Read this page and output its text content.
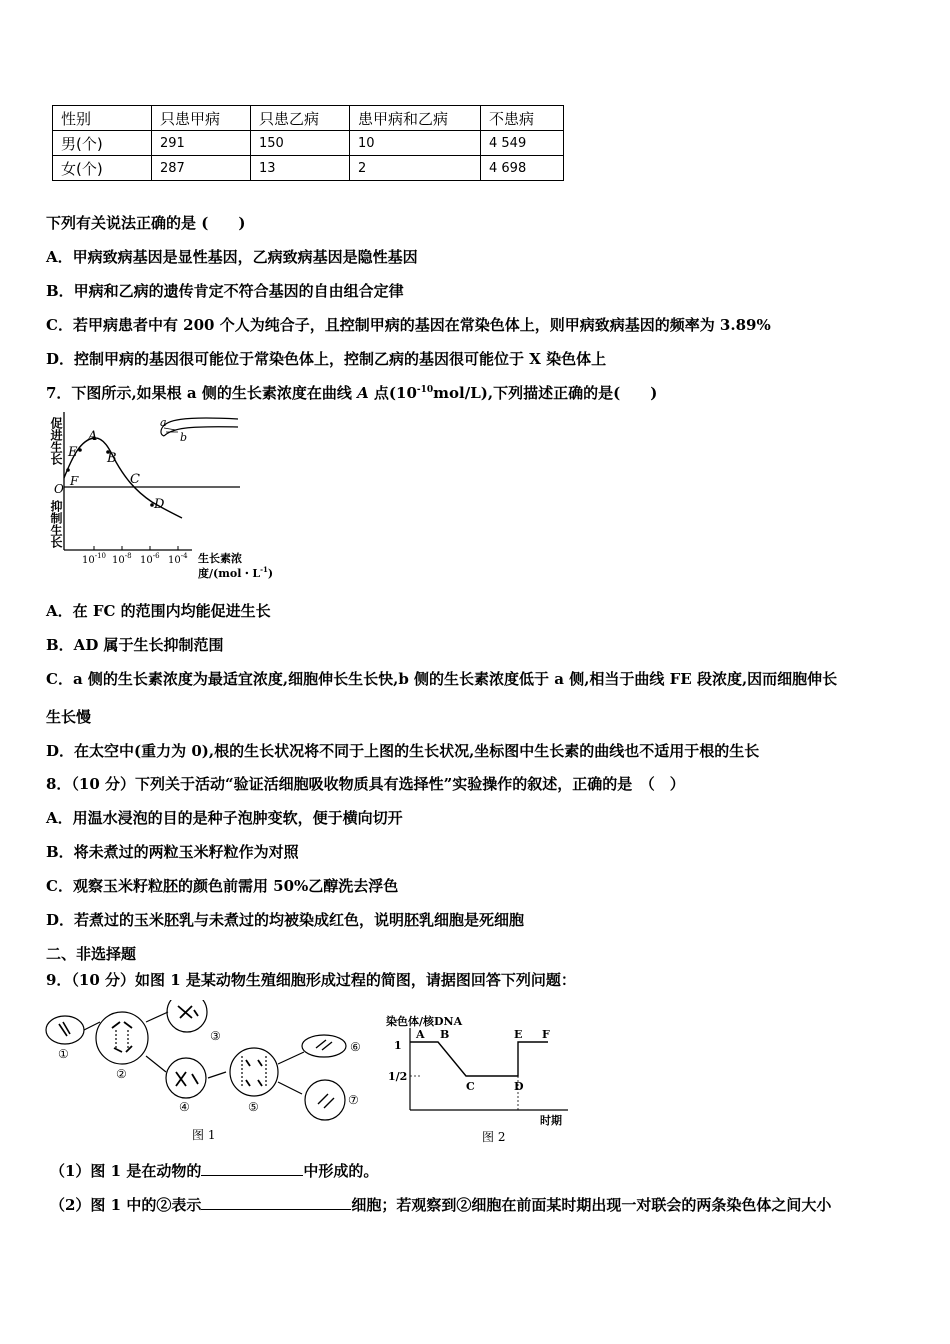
性别	只患甲病	只患乙病	患甲病和乙病	不患病
男(个)	291	150	10	4 549
女(个)	287	13	2	4 698
下列有关说法正确的是 (　　)
A．甲病致病基因是显性基因，乙病致病基因是隐性基因
B．甲病和乙病的遗传肯定不符合基因的自由组合定律
C．若甲病患者中有 200 个人为纯合子，且控制甲病的基因在常染色体上，则甲病致病基因的频率为 3.89%
D．控制甲病的基因很可能位于常染色体上，控制乙病的基因很可能位于 X 染色体上
7．下图所示,如果根 a 侧的生长素浓度在曲线 A 点$(10^{-10}mol/L)$,下列描述正确的是(　　)
促进生长
抑制生长
O
E
A
B
F	C
D
$10^{-10}$ $10^{-8}$ $10^{-6}$ $10^{-4}$ 生长素浓
度/(mol・$L^{-1}$)
a
b
A．在 FC 的范围内均能促进生长
B．AD 属于生长抑制范围
C．a 侧的生长素浓度为最适宜浓度,细胞伸长生长快,b 侧的生长素浓度低于 a 侧,相当于曲线 FE 段浓度,因而细胞伸长
生长慢
D．在太空中(重力为 0),根的生长状况将不同于上图的生长状况,坐标图中生长素的曲线也不适用于根的生长
8．（10 分）下列关于活动“验证活细胞吸收物质具有选择性”实验操作的叙述，正确的是　（　）
A．用温水浸泡的目的是种子泡肿变软，便于横向切开
B．将未煮过的两粒玉米籽粒作为对照
C．观察玉米籽粒胚的颜色前需用 50%乙醇洗去浮色
D．若煮过的玉米胚乳与未煮过的均被染成红色，说明胚乳细胞是死细胞
二、非选择题
9．（10 分）如图 1 是某动物生殖细胞形成过程的简图，请据图回答下列问题：
①
②
③
④	⑤
⑥
⑦
图 1
染色体/核DNA
1
1/2
A B
C	D
E F
时期
图 2
（1）图 1 是在动物的	中形成的。
（2）图 1 中的②表示	细胞；若观察到②细胞在前面某时期出现一对联会的两条染色体之间大小
